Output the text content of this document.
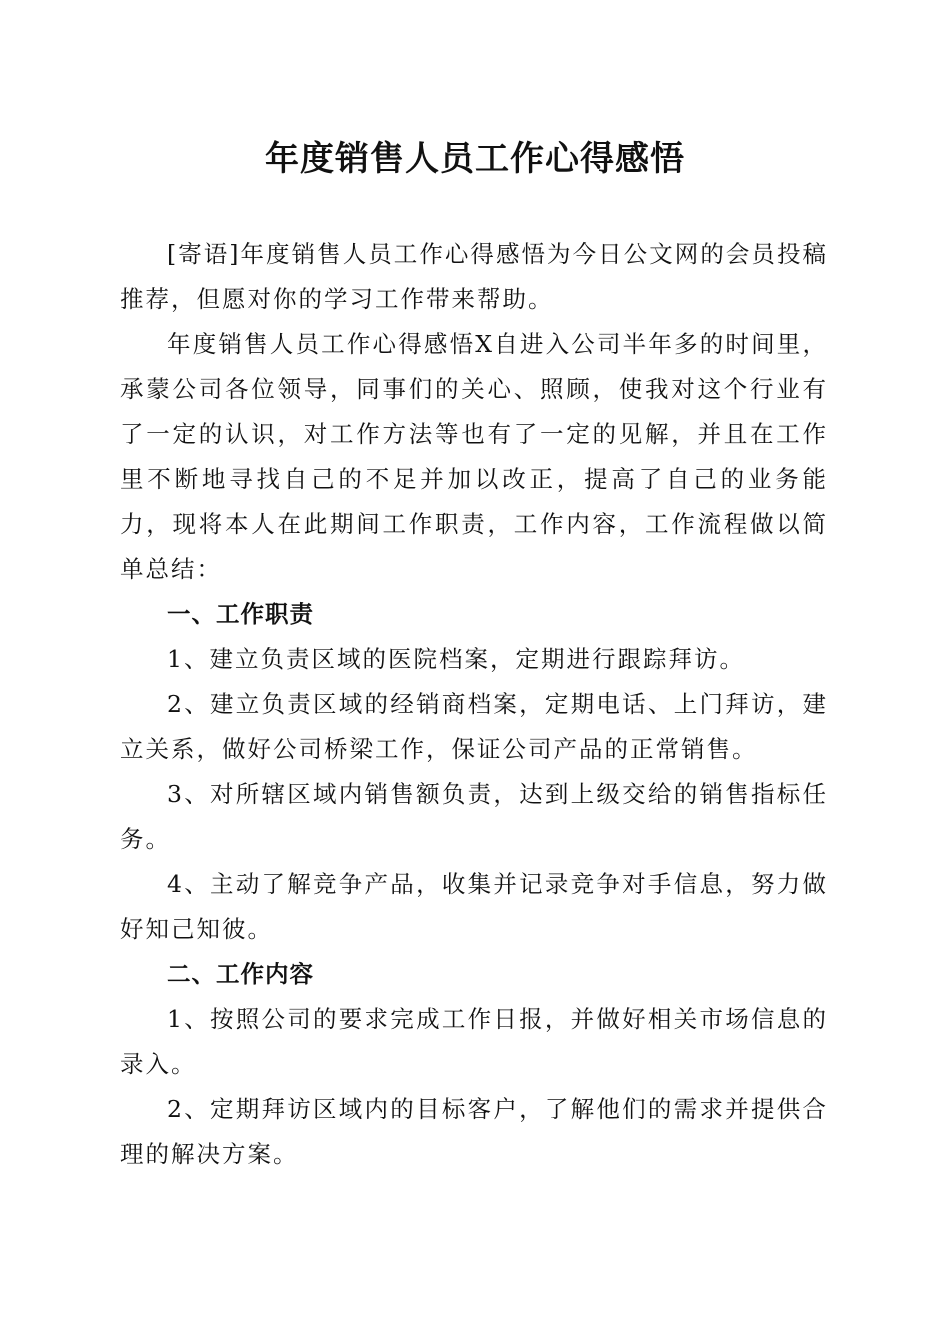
年度销售人员工作心得感悟

[寄语]年度销售人员工作心得感悟为今日公文网的会员投稿推荐，但愿对你的学习工作带来帮助。

年度销售人员工作心得感悟X自进入公司半年多的时间里，承蒙公司各位领导，同事们的关心、照顾，使我对这个行业有了一定的认识，对工作方法等也有了一定的见解，并且在工作里不断地寻找自己的不足并加以改正，提高了自己的业务能力，现将本人在此期间工作职责，工作内容，工作流程做以简单总结：

一、工作职责

1、建立负责区域的医院档案，定期进行跟踪拜访。

2、建立负责区域的经销商档案，定期电话、上门拜访，建立关系，做好公司桥梁工作，保证公司产品的正常销售。

3、对所辖区域内销售额负责，达到上级交给的销售指标任务。

4、主动了解竞争产品，收集并记录竞争对手信息，努力做好知己知彼。

二、工作内容

1、按照公司的要求完成工作日报，并做好相关市场信息的录入。

2、定期拜访区域内的目标客户，了解他们的需求并提供合理的解决方案。
